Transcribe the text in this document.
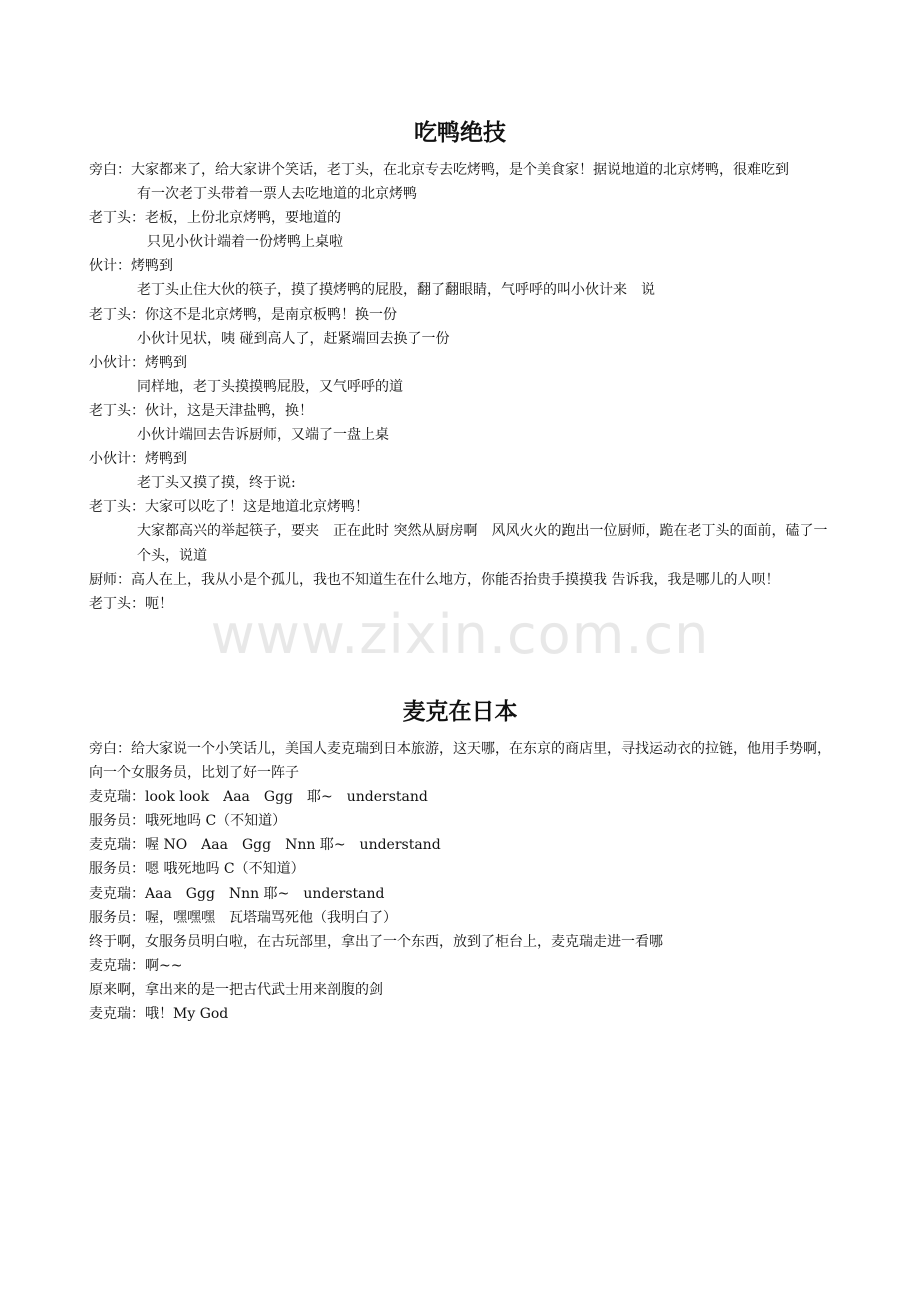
www.zixin.com.cn
吃鸭绝技
旁白：大家都来了，给大家讲个笑话，老丁头，在北京专去吃烤鸭，是个美食家！据说地道的北京烤鸭，很难吃到
有一次老丁头带着一票人去吃地道的北京烤鸭
老丁头：老板，上份北京烤鸭，要地道的
只见小伙计端着一份烤鸭上桌啦
伙计：烤鸭到
老丁头止住大伙的筷子，摸了摸烤鸭的屁股，翻了翻眼睛，气呼呼的叫小伙计来　说
老丁头：你这不是北京烤鸭，是南京板鸭！换一份
小伙计见状，咦 碰到高人了，赶紧端回去换了一份
小伙计：烤鸭到
同样地，老丁头摸摸鸭屁股，又气呼呼的道
老丁头：伙计，这是天津盐鸭，换！
小伙计端回去告诉厨师，又端了一盘上桌
小伙计：烤鸭到
老丁头又摸了摸，终于说:
老丁头：大家可以吃了！这是地道北京烤鸭！
大家都高兴的举起筷子，要夹　正在此时 突然从厨房啊　风风火火的跑出一位厨师，跪在老丁头的面前，磕了一个头，说道
厨师：高人在上，我从小是个孤儿，我也不知道生在什么地方，你能否抬贵手摸摸我 告诉我，我是哪儿的人呗！
老丁头：呃！
麦克在日本
旁白：给大家说一个小笑话儿，美国人麦克瑞到日本旅游，这天哪，在东京的商店里，寻找运动衣的拉链，他用手势啊，向一个女服务员，比划了好一阵子
麦克瑞：look look　Aaa　Ggg　耶~　understand
服务员：哦死地吗 C（不知道）
麦克瑞：喔 NO　Aaa　Ggg　Nnn 耶~　understand
服务员：嗯 哦死地吗 C（不知道）
麦克瑞：Aaa　Ggg　Nnn 耶~　understand
服务员：喔，嘿嘿嘿　瓦塔瑞骂死他（我明白了）
终于啊，女服务员明白啦，在古玩部里，拿出了一个东西，放到了柜台上，麦克瑞走进一看哪
麦克瑞：啊~~
原来啊，拿出来的是一把古代武士用来剖腹的剑
麦克瑞：哦！My God
